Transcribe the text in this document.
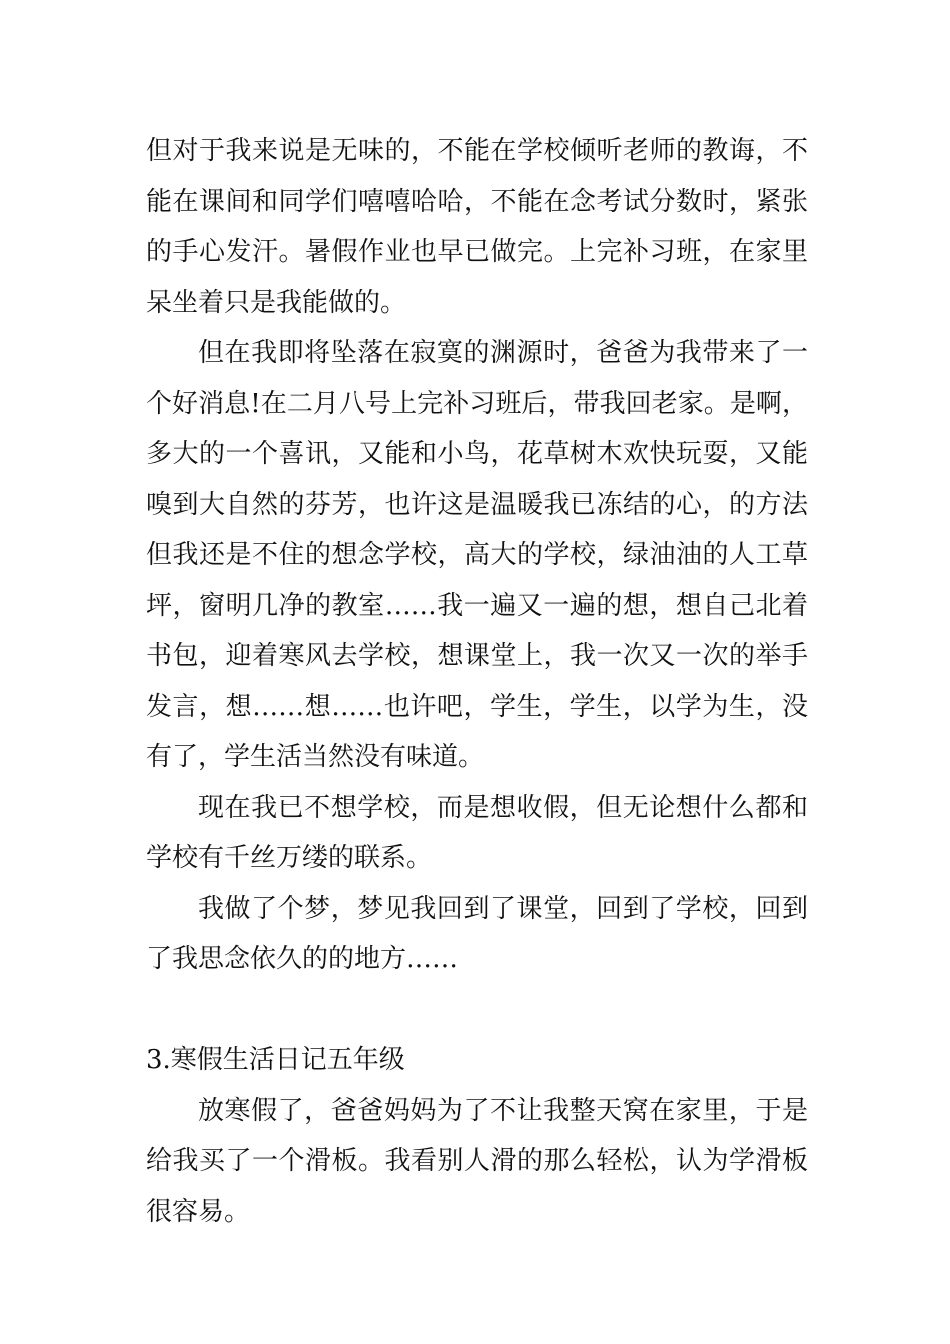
但对于我来说是无味的，不能在学校倾听老师的教诲，不能在课间和同学们嘻嘻哈哈，不能在念考试分数时，紧张的手心发汗。暑假作业也早已做完。上完补习班，在家里呆坐着只是我能做的。

但在我即将坠落在寂寞的渊源时，爸爸为我带来了一个好消息!在二月八号上完补习班后，带我回老家。是啊，多大的一个喜讯，又能和小鸟，花草树木欢快玩耍，又能嗅到大自然的芬芳，也许这是温暖我已冻结的心，的方法但我还是不住的想念学校，高大的学校，绿油油的人工草坪，窗明几净的教室……我一遍又一遍的想，想自己北着书包，迎着寒风去学校，想课堂上，我一次又一次的举手发言，想……想……也许吧，学生，学生，以学为生，没有了，学生活当然没有味道。

现在我已不想学校，而是想收假，但无论想什么都和学校有千丝万缕的联系。

我做了个梦，梦见我回到了课堂，回到了学校，回到了我思念依久的的地方……

3.寒假生活日记五年级

放寒假了，爸爸妈妈为了不让我整天窝在家里，于是给我买了一个滑板。我看别人滑的那么轻松，认为学滑板很容易。
